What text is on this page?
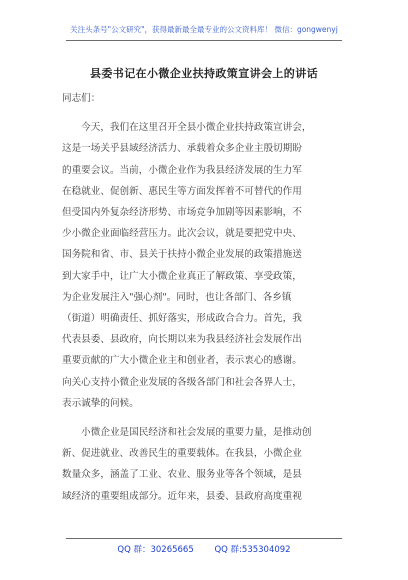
关注头条号"公文研究"，获得最新最全最专业的公文资料库！ 微信：gongwenyj
县委书记在小微企业扶持政策宣讲会上的讲话
同志们：
　　今天，我们在这里召开全县小微企业扶持政策宣讲会，
这是一场关乎县域经济活力、承载着众多企业主殷切期盼
的重要会议。当前，小微企业作为我县经济发展的生力军
在稳就业、促创新、惠民生等方面发挥着不可替代的作用
但受国内外复杂经济形势、市场竞争加剧等因素影响，不
少小微企业面临经营压力。此次会议，就是要把党中央、
国务院和省、市、县关于扶持小微企业发展的政策措施送
到大家手中，让广大小微企业真正了解政策、享受政策，
为企业发展注入"强心剂"。同时，也让各部门、各乡镇
（街道）明确责任、抓好落实，形成政合合力。首先，我
代表县委、县政府，向长期以来为我县经济社会发展作出
重要贡献的广大小微企业主和创业者，表示衷心的感谢。
向关心支持小微企业发展的各级各部门和社会各界人士，
表示诚挚的问候。
　　小微企业是国民经济和社会发展的重要力量，是推动创
新、促进就业、改善民生的重要载体。在我县，小微企业
数量众多，涵盖了工业、农业、服务业等各个领域，是县
域经济的重要组成部分。近年来，县委、县政府高度重视
QQ 群：30265665 QQ 群:535304092
